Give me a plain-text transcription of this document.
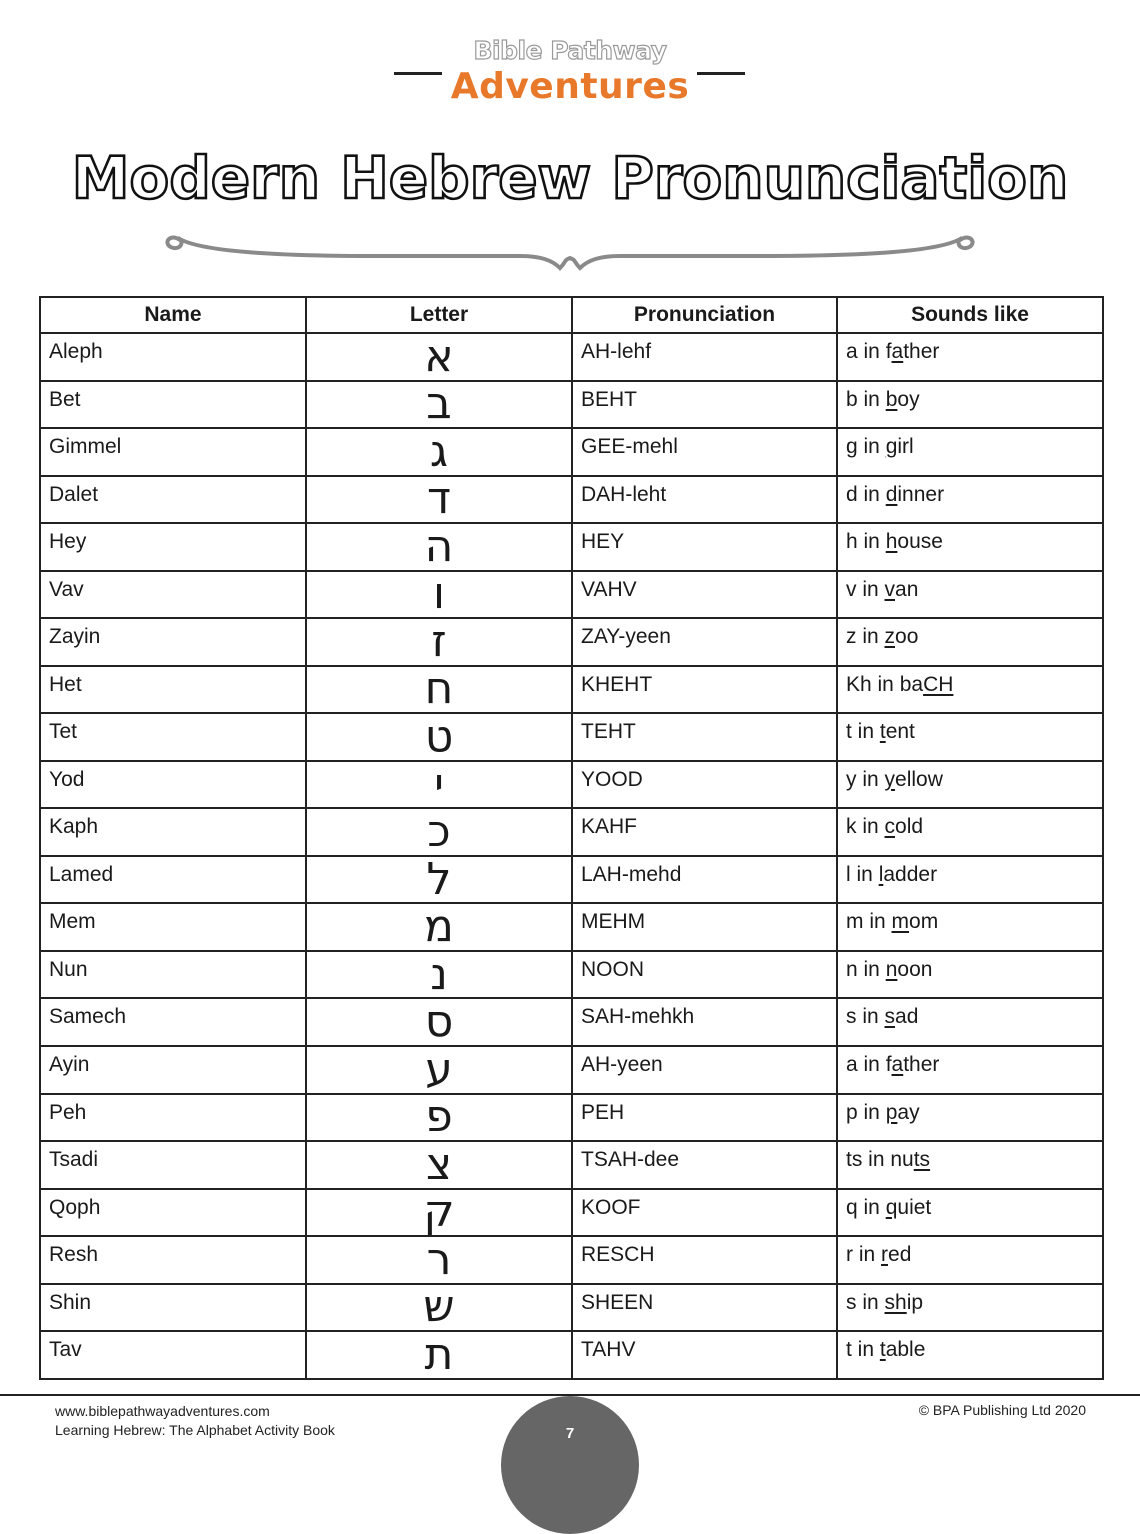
Bible Pathway
Adventures
Modern Hebrew Pronunciation
Name	Letter	Pronunciation	Sounds like
Aleph	א	AH-lehf	a in father
Bet	ב	BEHT	b in boy
Gimmel	ג	GEE-mehl	g in girl
Dalet	ד	DAH-leht	d in dinner
Hey	ה	HEY	h in house
Vav	ו	VAHV	v in van
Zayin	ז	ZAY-yeen	z in zoo
Het	ח	KHEHT	Kh in baCH
Tet	ט	TEHT	t in tent
Yod	י	YOOD	y in yellow
Kaph	כ	KAHF	k in cold
Lamed	ל	LAH-mehd	l in ladder
Mem	מ	MEHM	m in mom
Nun	נ	NOON	n in noon
Samech	ס	SAH-mehkh	s in sad
Ayin	ע	AH-yeen	a in father
Peh	פ	PEH	p in pay
Tsadi	צ	TSAH-dee	ts in nuts
Qoph	ק	KOOF	q in quiet
Resh	ר	RESCH	r in red
Shin	ש	SHEEN	s in ship
Tav	ת	TAHV	t in table
www.biblepathwayadventures.com
Learning Hebrew: The Alphabet Activity Book	7
© BPA Publishing Ltd 2020
